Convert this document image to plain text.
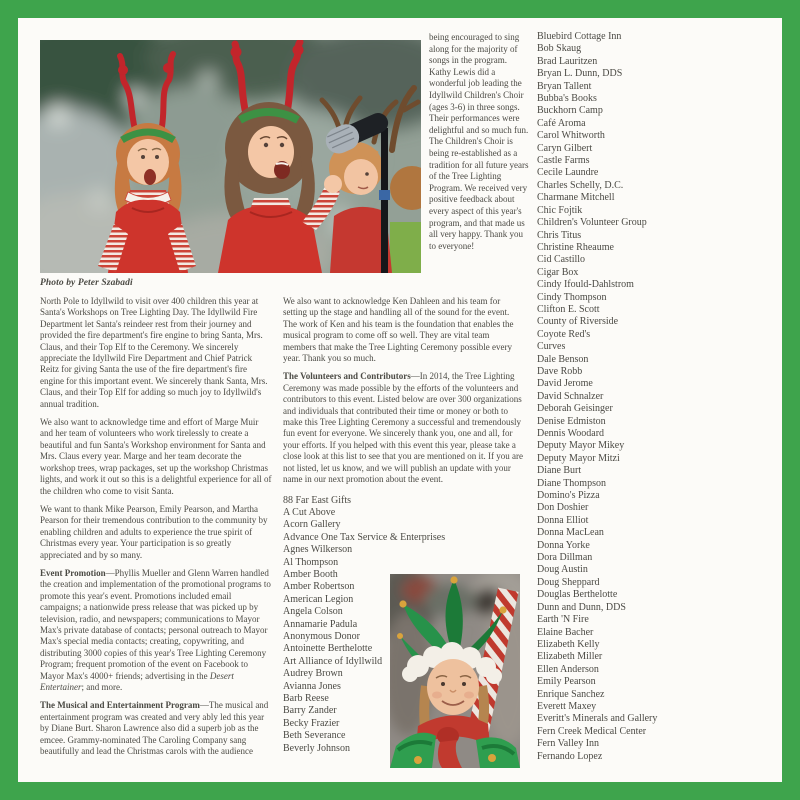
Photo by Peter Szabadi

being encouraged to sing along for the majority of songs in the program. Kathy Lewis did a wonderful job leading the Idyllwild Children's Choir (ages 3-6) in three songs. Their performances were delightful and so much fun. The Children's Choir is being re-established as a tradition for all future years of the Tree Lighting Program. We received very positive feedback about every aspect of this year's program, and that made us all very happy. Thank you to everyone!

Bluebird Cottage Inn
Bob Skaug
Brad Lauritzen
Bryan L. Dunn, DDS
Bryan Tallent
Bubba's Books
Buckhorn Camp
Café Aroma
Carol Whitworth
Caryn Gilbert
Castle Farms
Cecile Laundre
Charles Schelly, D.C.
Charmane Mitchell
Chic Fojtik
Children's Volunteer Group
Chris Titus
Christine Rheaume
Cid Castillo
Cigar Box
Cindy Ifould-Dahlstrom
Cindy Thompson
Clifton E. Scott
County of Riverside
Coyote Red's
Curves
Dale Benson
Dave Robb
David Jerome
David Schnalzer
Deborah Geisinger
Denise Edmiston
Dennis Woodard
Deputy Mayor Mikey
Deputy Mayor Mitzi
Diane Burt
Diane Thompson
Domino's Pizza
Don Doshier
Donna Elliot
Donna MacLean
Donna Yorke
Dora Dillman
Doug Austin
Doug Sheppard
Douglas Berthelotte
Dunn and Dunn, DDS
Earth 'N Fire
Elaine Bacher
Elizabeth Kelly
Elizabeth Miller
Ellen Anderson
Emily Pearson
Enrique Sanchez
Everett Maxey
Everitt's Minerals and Gallery
Fern Creek Medical Center
Fern Valley Inn
Fernando Lopez

North Pole to Idyllwild to visit over 400 children this year at Santa's Workshops on Tree Lighting Day. The Idyllwild Fire Department let Santa's reindeer rest from their journey and provided the fire department's fire engine to bring Santa, Mrs. Claus, and their Top Elf to the Ceremony. We sincerely appreciate the Idyllwild Fire Department and Chief Patrick Reitz for giving Santa the use of the fire department's fire engine for this important event. We sincerely thank Santa, Mrs. Claus, and their Top Elf for adding so much joy to Idyllwild's annual tradition.

We also want to acknowledge time and effort of Marge Muir and her team of volunteers who work tirelessly to create a beautiful and fun Santa's Workshop environment for Santa and Mrs. Claus every year. Marge and her team decorate the workshop trees, wrap packages, set up the workshop Christmas lights, and work it out so this is a delightful experience for all of the children who come to visit Santa.

We want to thank Mike Pearson, Emily Pearson, and Martha Pearson for their tremendous contribution to the community by enabling children and adults to experience the true spirit of Christmas every year. Your participation is so greatly appreciated and by so many.

Event Promotion—Phyllis Mueller and Glenn Warren handled the creation and implementation of the promotional programs to promote this year's event. Promotions included email campaigns; a nationwide press release that was picked up by television, radio, and newspapers; communications to Mayor Max's private database of contacts; personal outreach to Mayor Max's special media contacts; creating, copywriting, and distributing 3000 copies of this year's Tree Lighting Ceremony Program; frequent promotion of the event on Facebook to Mayor Max's 4000+ friends; advertising in the Desert Entertainer; and more.

The Musical and Entertainment Program—The musical and entertainment program was created and very ably led this year by Diane Burt. Sharon Lawrence also did a superb job as the emcee. Grammy-nominated The Caroling Company sang beautifully and lead the Christmas carols with the audience

We also want to acknowledge Ken Dahleen and his team for setting up the stage and handling all of the sound for the event. The work of Ken and his team is the foundation that enables the musical program to come off so well. They are vital team members that make the Tree Lighting Ceremony possible every year. Thank you so much.

The Volunteers and Contributors—In 2014, the Tree Lighting Ceremony was made possible by the efforts of the volunteers and contributors to this event. Listed below are over 300 organizations and individuals that contributed their time or money or both to make this Tree Lighting Ceremony a successful and tremendously fun event for everyone. We sincerely thank you, one and all, for your efforts. If you helped with this event this year, please take a close look at this list to see that you are mentioned on it. If you are not listed, let us know, and we will publish an update with your name in our next promotion about the event.

88 Far East Gifts
A Cut Above
Acorn Gallery
Advance One Tax Service & Enterprises
Agnes Wilkerson
Al Thompson
Amber Booth
Amber Robertson
American Legion
Angela Colson
Annamarie Padula
Anonymous Donor
Antoinette Berthelotte
Art Alliance of Idyllwild
Audrey Brown
Avianna Jones
Barb Reese
Barry Zander
Becky Frazier
Beth Severance
Beverly Johnson
